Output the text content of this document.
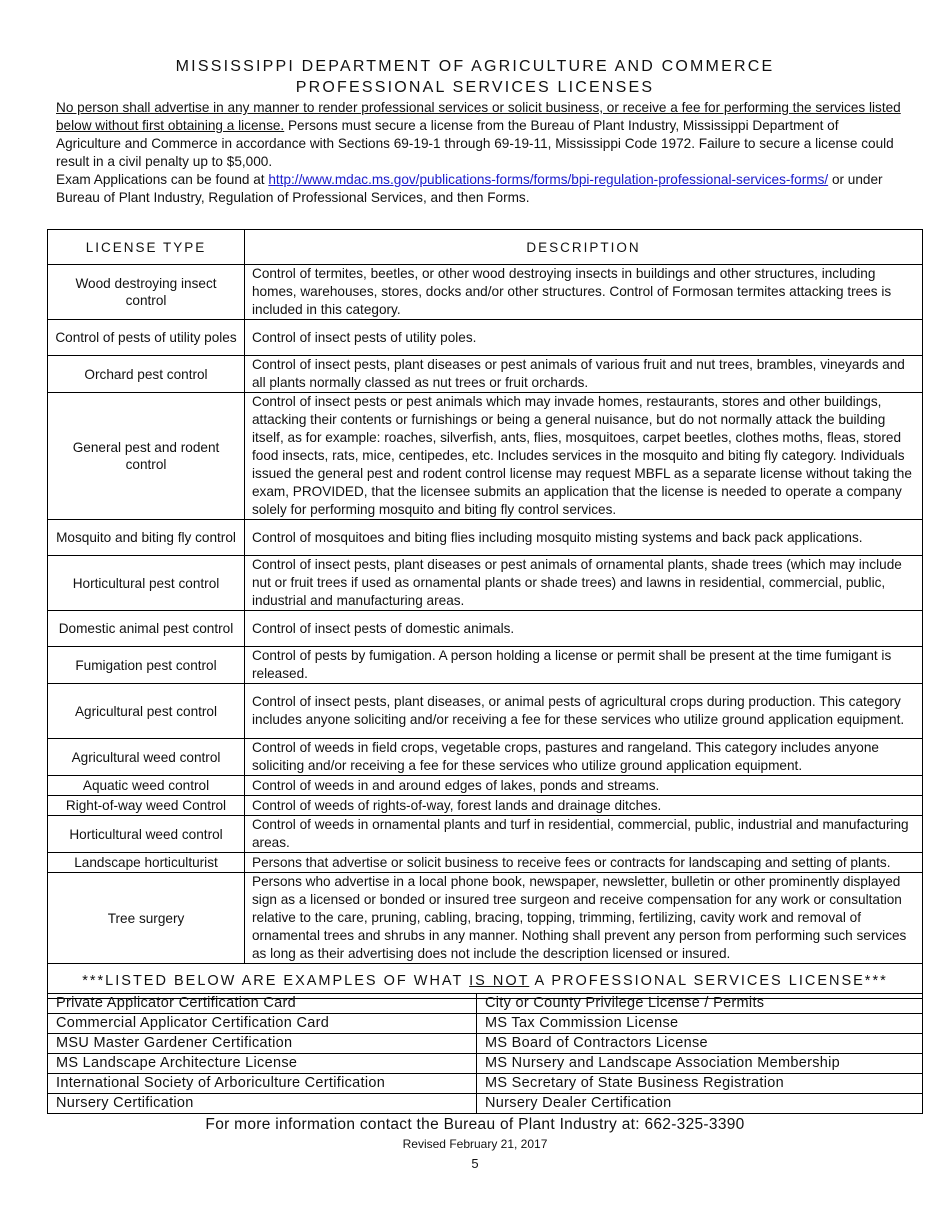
MISSISSIPPI DEPARTMENT OF AGRICULTURE AND COMMERCE
PROFESSIONAL SERVICES LICENSES
No person shall advertise in any manner to render professional services or solicit business, or receive a fee for performing the services listed below without first obtaining a license. Persons must secure a license from the Bureau of Plant Industry, Mississippi Department of Agriculture and Commerce in accordance with Sections 69-19-1 through 69-19-11, Mississippi Code 1972. Failure to secure a license could result in a civil penalty up to $5,000.
Exam Applications can be found at http://www.mdac.ms.gov/publications-forms/forms/bpi-regulation-professional-services-forms/ or under Bureau of Plant Industry, Regulation of Professional Services, and then Forms.
LICENSE TYPE	DESCRIPTION
Wood destroying insect control	Control of termites, beetles, or other wood destroying insects in buildings and other structures, including homes, warehouses, stores, docks and/or other structures. Control of Formosan termites attacking trees is included in this category.
Control of pests of utility poles	Control of insect pests of utility poles.
Orchard pest control	Control of insect pests, plant diseases or pest animals of various fruit and nut trees, brambles, vineyards and all plants normally classed as nut trees or fruit orchards.
General pest and rodent control	Control of insect pests or pest animals which may invade homes, restaurants, stores and other buildings, attacking their contents or furnishings or being a general nuisance, but do not normally attack the building itself, as for example: roaches, silverfish, ants, flies, mosquitoes, carpet beetles, clothes moths, fleas, stored food insects, rats, mice, centipedes, etc. Includes services in the mosquito and biting fly category. Individuals issued the general pest and rodent control license may request MBFL as a separate license without taking the exam, PROVIDED, that the licensee submits an application that the license is needed to operate a company solely for performing mosquito and biting fly control services.
Mosquito and biting fly control	Control of mosquitoes and biting flies including mosquito misting systems and back pack applications.
Horticultural pest control	Control of insect pests, plant diseases or pest animals of ornamental plants, shade trees (which may include nut or fruit trees if used as ornamental plants or shade trees) and lawns in residential, commercial, public, industrial and manufacturing areas.
Domestic animal pest control	Control of insect pests of domestic animals.
Fumigation pest control	Control of pests by fumigation. A person holding a license or permit shall be present at the time fumigant is released.
Agricultural pest control	Control of insect pests, plant diseases, or animal pests of agricultural crops during production. This category includes anyone soliciting and/or receiving a fee for these services who utilize ground application equipment.
Agricultural weed control	Control of weeds in field crops, vegetable crops, pastures and rangeland. This category includes anyone soliciting and/or receiving a fee for these services who utilize ground application equipment.
Aquatic weed control	Control of weeds in and around edges of lakes, ponds and streams.
Right-of-way weed Control	Control of weeds of rights-of-way, forest lands and drainage ditches.
Horticultural weed control	Control of weeds in ornamental plants and turf in residential, commercial, public, industrial and manufacturing areas.
Landscape horticulturist	Persons that advertise or solicit business to receive fees or contracts for landscaping and setting of plants.
Tree surgery	Persons who advertise in a local phone book, newspaper, newsletter, bulletin or other prominently displayed sign as a licensed or bonded or insured tree surgeon and receive compensation for any work or consultation relative to the care, pruning, cabling, bracing, topping, trimming, fertilizing, cavity work and removal of ornamental trees and shrubs in any manner. Nothing shall prevent any person from performing such services as long as their advertising does not include the description licensed or insured.
***LISTED BELOW ARE EXAMPLES OF WHAT IS NOT A PROFESSIONAL SERVICES LICENSE***	
Private Applicator Certification Card	City or County Privilege License / Permits
Commercial Applicator Certification Card	MS Tax Commission License
MSU Master Gardener Certification	MS Board of Contractors License
MS Landscape Architecture License	MS Nursery and Landscape Association Membership
International Society of Arboriculture Certification	MS Secretary of State Business Registration
Nursery Certification	Nursery Dealer Certification
For more information contact the Bureau of Plant Industry at: 662-325-3390
Revised February 21, 2017
5
